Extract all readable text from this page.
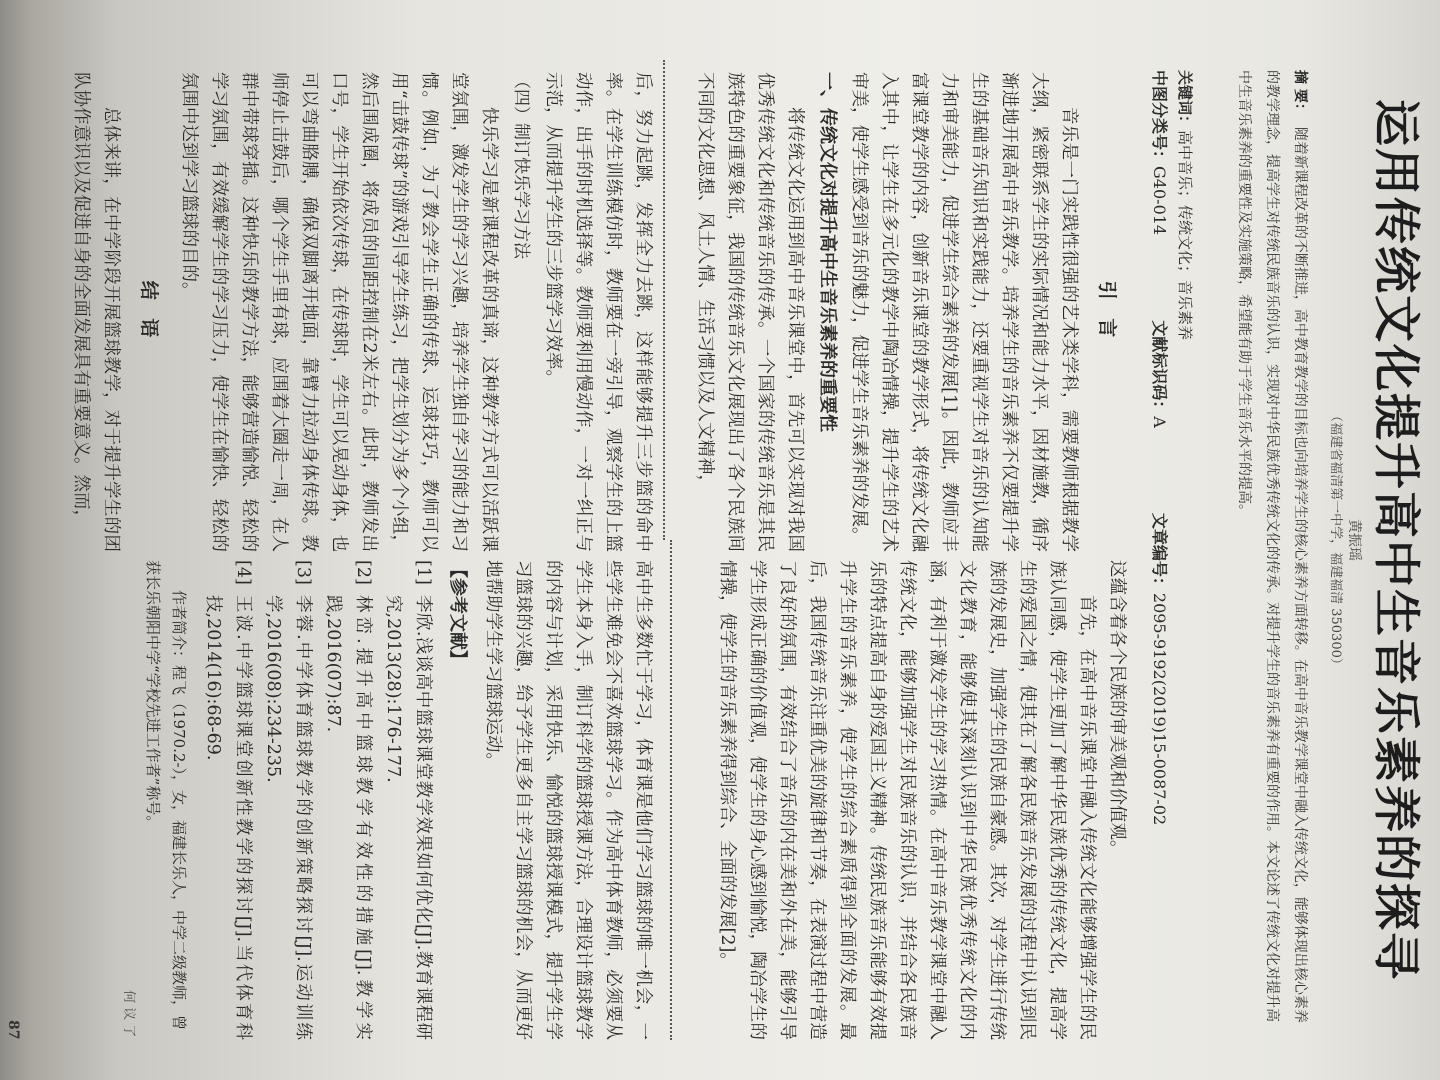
运用传统文化提升高中生音乐素养的探寻
黄振瑶
（福建省福清第一中学，福建福清 350300）
摘 要：随着新课程改革的不断推进，高中教育教学的目标也向培养学生的核心素养方面转移。在高中音乐教学课堂中融入传统文化，能够体现出核心素养的教学理念，提高学生对传统民族音乐的认识，实现对中华民族优秀传统文化的传承。对提升学生的音乐素养有重要的作用。本文论述了传统文化对提升高中生音乐素养的重要性及实施策略，希望能有助于学生音乐水平的提高。
关键词：高中音乐；传统文化；音乐素养
中图分类号：G40-014 文献标识码：A 文章编号：2095-9192(2019)15-0087-02
引 言

音乐是一门实践性很强的艺术类学科，需要教师根据教学大纲，紧密联系学生的实际情况和能力水平，因材施教，循序渐进地开展高中音乐教学。培养学生的音乐素养不仅要提升学生的基础音乐知识和实践能力，还要重视学生对音乐的认知能力和审美能力，促进学生综合素养的发展[1]。因此，教师应丰富课堂教学的内容，创新音乐课堂的教学形式，将传统文化融入其中，让学生在多元化的教学中陶冶情操，提升学生的艺术审美，使学生感受到音乐的魅力，促进学生音乐素养的发展。

一、传统文化对提升高中生音乐素养的重要性

将传统文化运用到高中音乐课堂中，首先可以实现对我国优秀传统文化和传统音乐的传承。一个国家的传统音乐是其民族特色的重要象征，我国的传统音乐文化展现出了各个民族间不同的文化思想、风土人情、生活习惯以及人文精神，

这蕴含着各个民族的审美观和价值观。

首先，在高中音乐课堂中融入传统文化能够增强学生的民族认同感，使学生更加了解中华民族优秀的传统文化，提高学生的爱国之情，使其在了解各民族音乐发展的过程中认识到民族的发展史，加强学生的民族自豪感。其次，对学生进行传统文化教育，能够使其深刻认识到中华民族优秀传统文化的内涵，有利于激发学生的学习热情。在高中音乐教学课堂中融入传统文化，能够加强学生对民族音乐的认识，并结合各民族音乐的特点提高自身的爱国主义精神。传统民族音乐能够有效提升学生的音乐素养，使学生的综合素质得到全面的发展。最后，我国传统音乐注重优美的旋律和节奏，在表演过程中营造了良好的氛围，有效结合了音乐的内在美和外在美，能够引导学生形成正确的价值观，使学生的身心感到愉悦，陶冶学生的情操，使学生的音乐素养得到综合、全面的发展[2]。

后，努力起跳，发挥全力去跳，这样能够提升三步篮的命中率。在学生训练模仿时，教师要在一旁引导，观察学生的上篮动作，出手的时机选择等。教师要利用慢动作，一对一纠正与示范，从而提升学生的三步篮学习效率。

（四）制订快乐学习方法

快乐学习是新课程改革的真谛，这种教学方式可以活跃课堂氛围，激发学生的学习兴趣，培养学生独自学习的能力和习惯。例如，为了教会学生正确的传球、运球技巧，教师可以用“击鼓传球”的游戏引导学生练习，把学生划分为多个小组，然后围成圈，将成员的间距控制在2米左右。此时，教师发出口号，学生开始依次传球，在传球时，学生可以晃动身体，也可以弯曲胳膊，确保双脚离开地面，靠臂力拉动身体传球。教师停止击鼓后，哪个学生手里有球，应围着大圈走一周，在人群中带球穿插。这种快乐的教学方法，能够营造愉悦、轻松的学习氛围，有效缓解学生的学习压力，使学生在愉快、轻松的氛围中达到学习篮球的目的。

结 语

总体来讲，在中学阶段开展篮球教学，对于提升学生的团队协作意识以及促进自身的全面发展具有重要意义。然而，

高中生多数忙于学习，体育课是他们学习篮球的唯一机会，一些学生难免会不喜欢篮球学习。作为高中体育教师，必须要从学生本身入手，制订科学的篮球授课方法，合理设计篮球教学的内容与计划，采用快乐、愉悦的篮球授课模式，提升学生学习篮球的兴趣，给予学生更多自主学习篮球的机会，从而更好地帮助学生学习篮球运动。

【参考文献】

[1]
李欣.浅谈高中篮球课堂教学效果如何优化[J].教育课程研究,2013(28):176-177.

[2]
林峦.提升高中篮球教学有效性的措施[J].教学实践,2016(07):87.

[3]
李蓉.中学体育篮球教学的创新策略探讨[J].运动训练学,2016(08):234-235.

[4]
王波.中学篮球课堂创新性教学的探讨[J].当代体育科技,2014(16):68-69.

作者简介：程飞（1970.2-），女，福建长乐人，中学二级教师，曾获长乐朝阳中学“学校先进工作者”称号。
87	何 议 了
